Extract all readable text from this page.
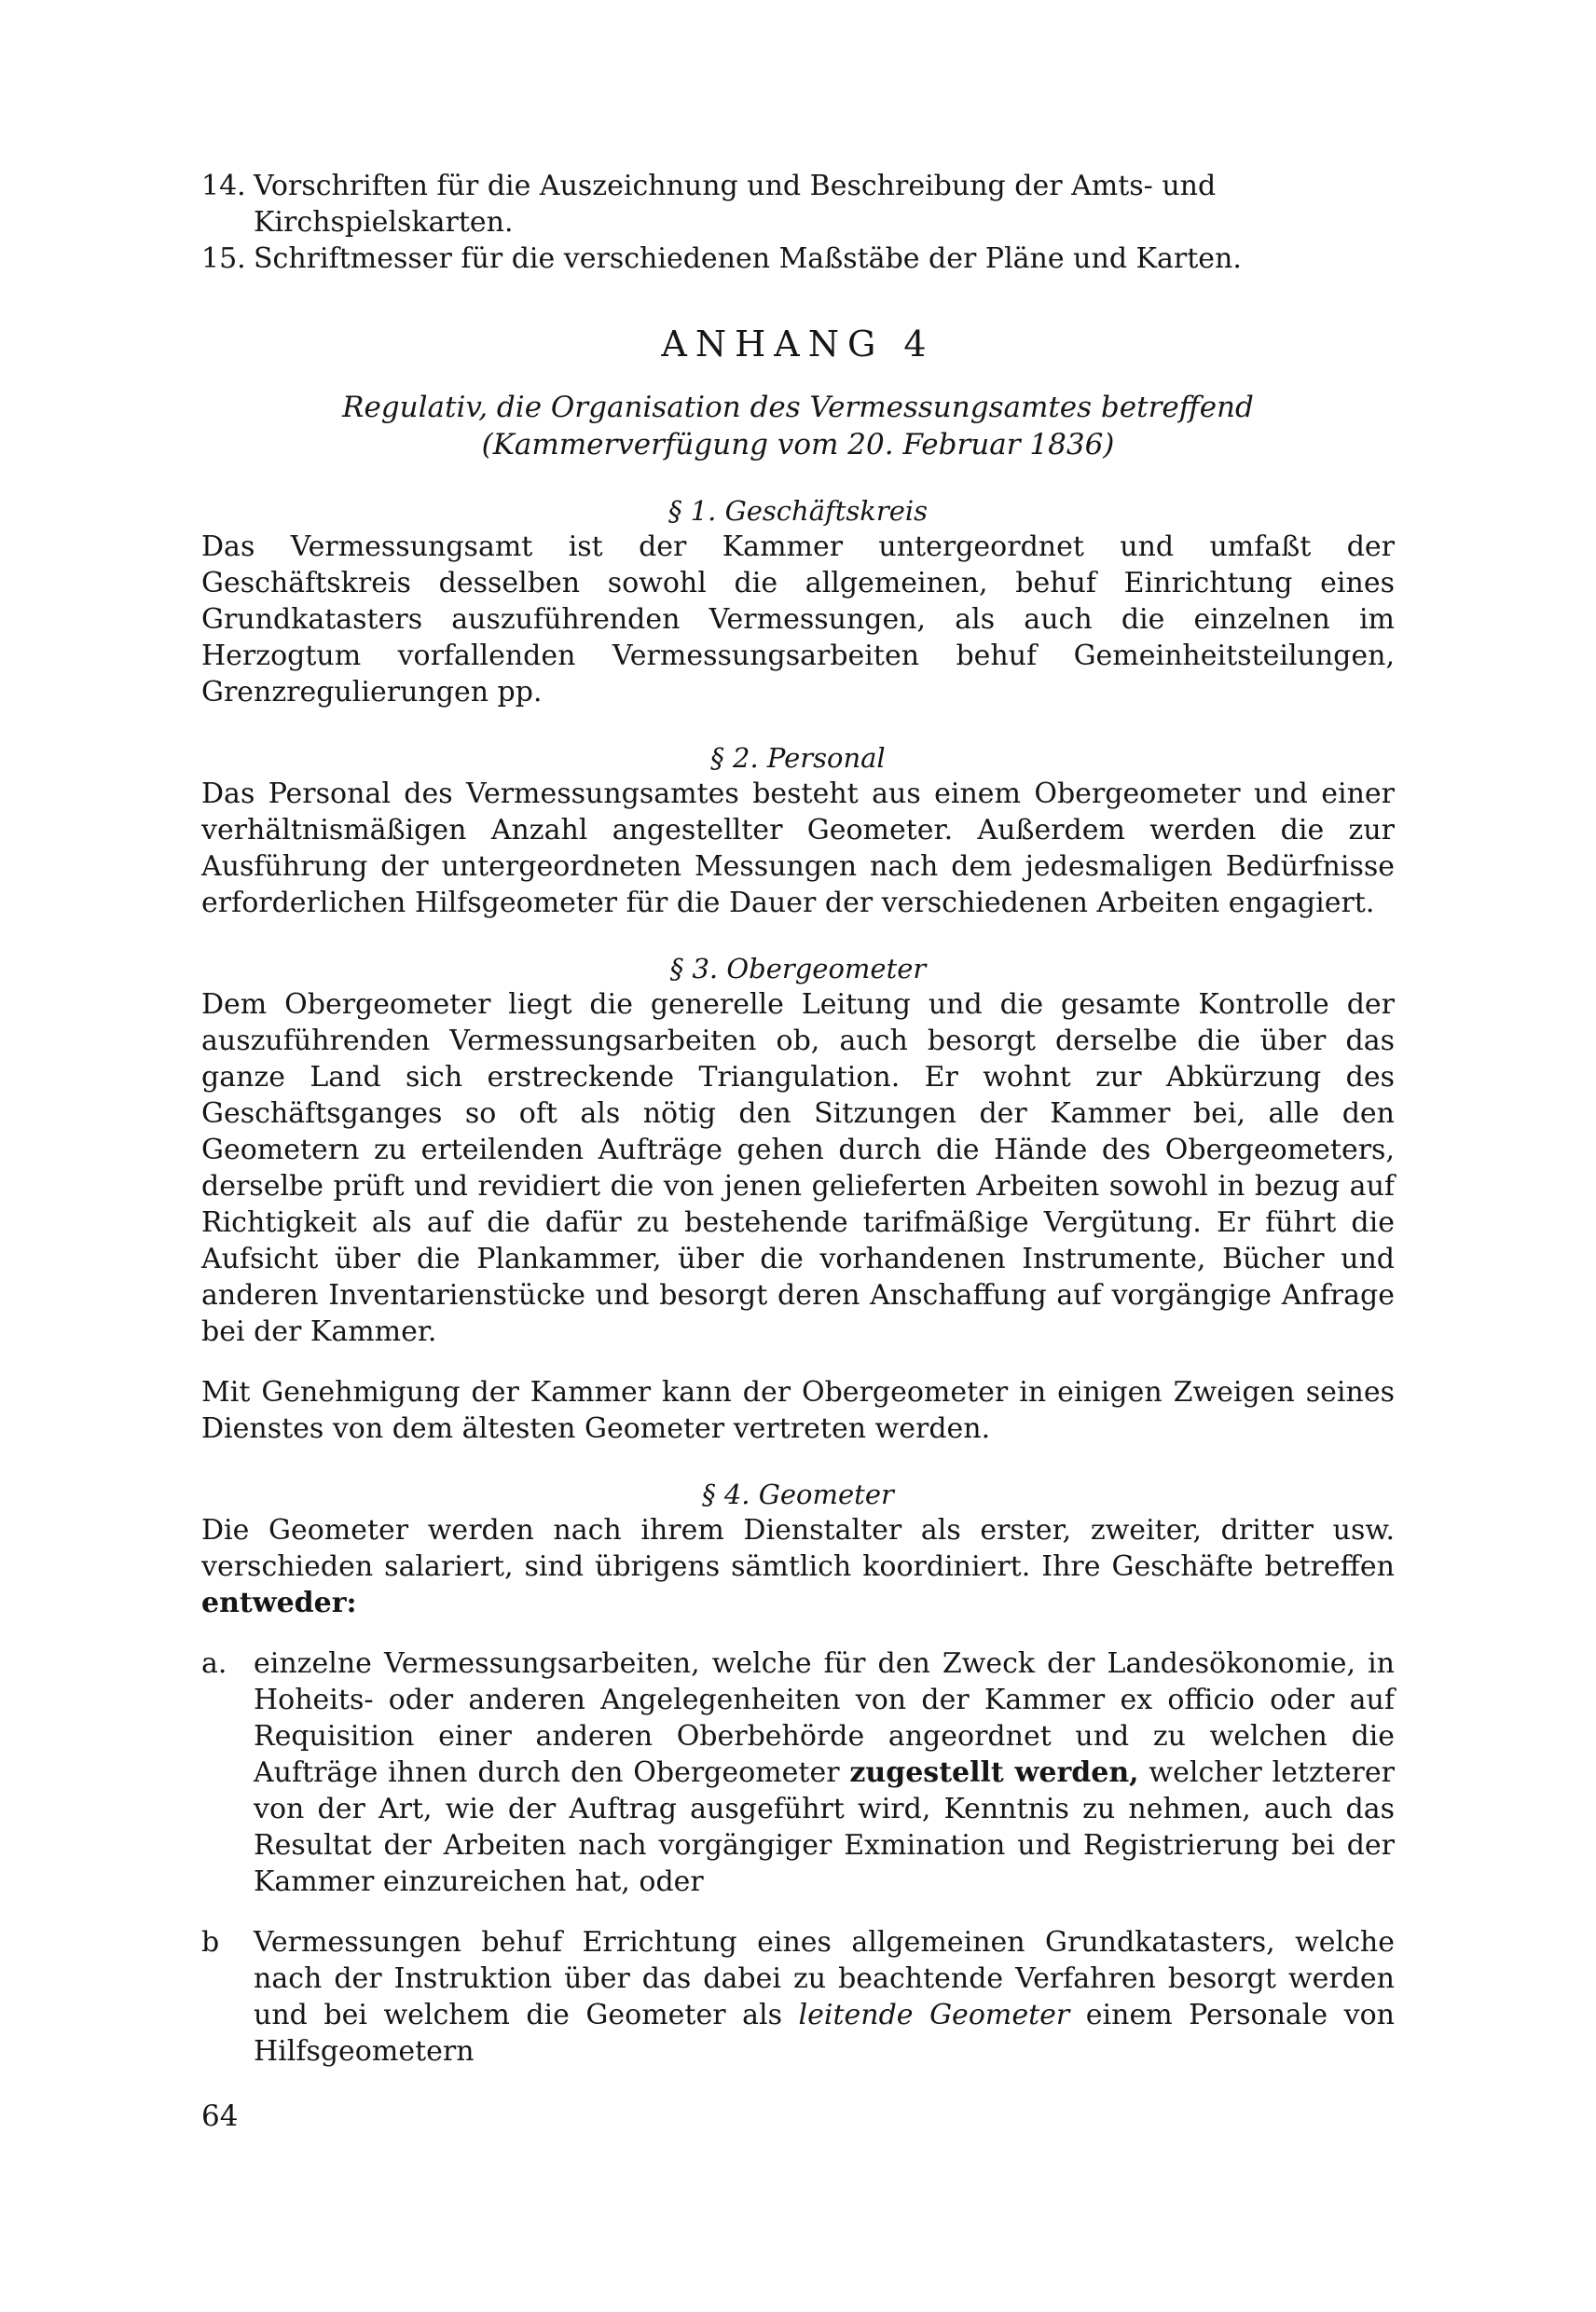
14. Vorschriften für die Auszeichnung und Beschreibung der Amts- und Kirchspielskarten.
15. Schriftmesser für die verschiedenen Maßstäbe der Pläne und Karten.
ANHANG 4
Regulativ, die Organisation des Vermessungsamtes betreffend
(Kammerverfügung vom 20. Februar 1836)
§ 1. Geschäftskreis

Das Vermessungsamt ist der Kammer untergeordnet und umfaßt der Geschäftskreis desselben sowohl die allgemeinen, behuf Einrichtung eines Grundkatasters auszuführenden Vermessungen, als auch die einzelnen im Herzogtum vorfallenden Vermessungsarbeiten behuf Gemeinheitsteilungen, Grenzregulierungen pp.

§ 2. Personal

Das Personal des Vermessungsamtes besteht aus einem Obergeometer und einer verhältnismäßigen Anzahl angestellter Geometer. Außerdem werden die zur Ausführung der untergeordneten Messungen nach dem jedesmaligen Bedürfnisse erforderlichen Hilfsgeometer für die Dauer der verschiedenen Arbeiten engagiert.

§ 3. Obergeometer

Dem Obergeometer liegt die generelle Leitung und die gesamte Kontrolle der auszuführenden Vermessungsarbeiten ob, auch besorgt derselbe die über das ganze Land sich erstreckende Triangulation. Er wohnt zur Abkürzung des Geschäftsganges so oft als nötig den Sitzungen der Kammer bei, alle den Geometern zu erteilenden Aufträge gehen durch die Hände des Obergeometers, derselbe prüft und revidiert die von jenen gelieferten Arbeiten sowohl in bezug auf Richtigkeit als auf die dafür zu bestehende tarifmäßige Vergütung. Er führt die Aufsicht über die Plankammer, über die vorhandenen Instrumente, Bücher und anderen Inventarienstücke und besorgt deren Anschaffung auf vorgängige Anfrage bei der Kammer.

Mit Genehmigung der Kammer kann der Obergeometer in einigen Zweigen seines Dienstes von dem ältesten Geometer vertreten werden.

§ 4. Geometer

Die Geometer werden nach ihrem Dienstalter als erster, zweiter, dritter usw. verschieden salariert, sind übrigens sämtlich koordiniert. Ihre Geschäfte betreffen entweder:

a. einzelne Vermessungsarbeiten, welche für den Zweck der Landesökonomie, in Hoheits- oder anderen Angelegenheiten von der Kammer ex officio oder auf Requisition einer anderen Oberbehörde angeordnet und zu welchen die Aufträge ihnen durch den Obergeometer zugestellt werden, welcher letzterer von der Art, wie der Auftrag ausgeführt wird, Kenntnis zu nehmen, auch das Resultat der Arbeiten nach vorgängiger Exmination und Registrierung bei der Kammer einzureichen hat, oder
b	Vermessungen behuf Errichtung eines allgemeinen Grundkatasters, welche nach der Instruktion über das dabei zu beachtende Verfahren besorgt werden und bei welchem die Geometer als leitende Geometer einem Personale von Hilfsgeometern
64
